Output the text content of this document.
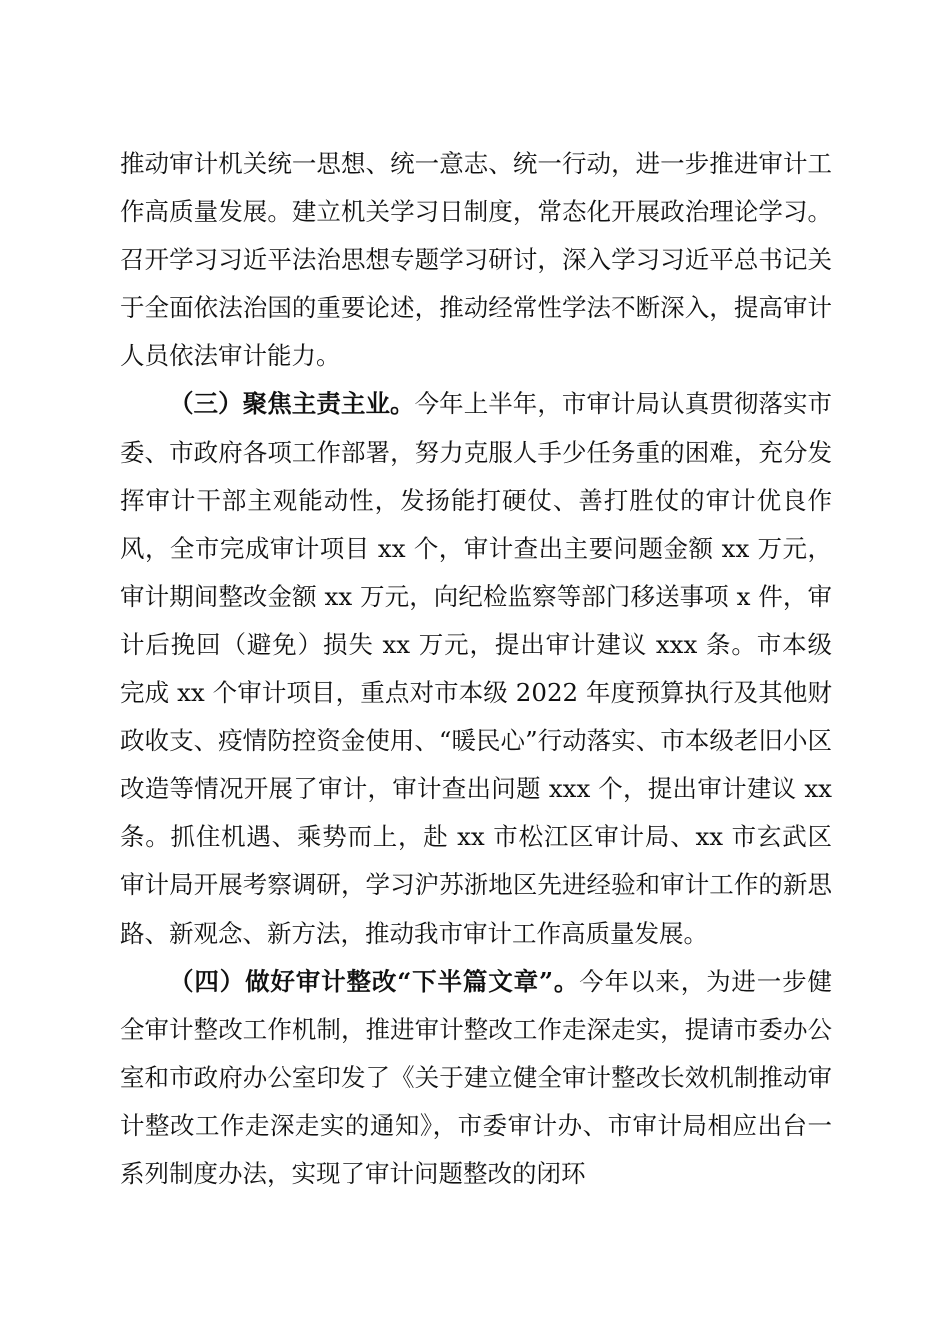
推动审计机关统一思想、统一意志、统一行动，进一步推进审计工作高质量发展。建立机关学习日制度，常态化开展政治理论学习。召开学习习近平法治思想专题学习研讨，深入学习习近平总书记关于全面依法治国的重要论述，推动经常性学法不断深入，提高审计人员依法审计能力。

（三）聚焦主责主业。今年上半年，市审计局认真贯彻落实市委、市政府各项工作部署，努力克服人手少任务重的困难，充分发挥审计干部主观能动性，发扬能打硬仗、善打胜仗的审计优良作风，全市完成审计项目 xx 个，审计查出主要问题金额 xx 万元，审计期间整改金额 xx 万元，向纪检监察等部门移送事项 x 件，审计后挽回（避免）损失 xx 万元，提出审计建议 xxx 条。市本级完成 xx 个审计项目，重点对市本级 2022 年度预算执行及其他财政收支、疫情防控资金使用、“暖民心”行动落实、市本级老旧小区改造等情况开展了审计，审计查出问题 xxx 个，提出审计建议 xx 条。抓住机遇、乘势而上，赴 xx 市松江区审计局、xx 市玄武区审计局开展考察调研，学习沪苏浙地区先进经验和审计工作的新思路、新观念、新方法，推动我市审计工作高质量发展。

（四）做好审计整改“下半篇文章”。今年以来，为进一步健全审计整改工作机制，推进审计整改工作走深走实，提请市委办公室和市政府办公室印发了《关于建立健全审计整改长效机制推动审计整改工作走深走实的通知》，市委审计办、市审计局相应出台一系列制度办法，实现了审计问题整改的闭环
